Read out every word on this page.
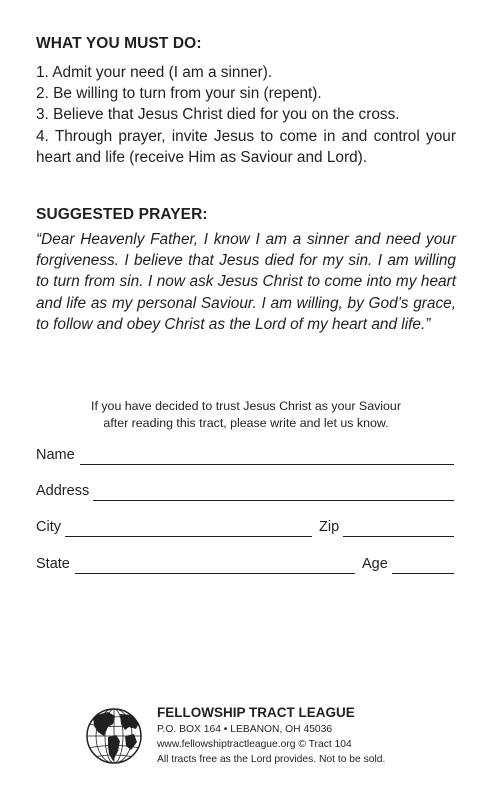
WHAT YOU MUST DO:
1. Admit your need (I am a sinner).
2. Be willing to turn from your sin (repent).
3. Believe that Jesus Christ died for you on the cross.
4. Through prayer, invite Jesus to come in and control your heart and life (receive Him as Saviour and Lord).
SUGGESTED PRAYER:
“Dear Heavenly Father, I know I am a sinner and need your forgiveness. I believe that Jesus died for my sin. I am willing to turn from sin. I now ask Jesus Christ to come into my heart and life as my personal Saviour. I am willing, by God’s grace, to follow and obey Christ as the Lord of my heart and life.”
If you have decided to trust Jesus Christ as your Saviour
after reading this tract, please write and let us know.
Name
Address
City	Zip
State	Age
FELLOWSHIP TRACT LEAGUE
P.O. BOX 164 • LEBANON, OH 45036
www.fellowshiptractleague.org © Tract 104
All tracts free as the Lord provides. Not to be sold.
